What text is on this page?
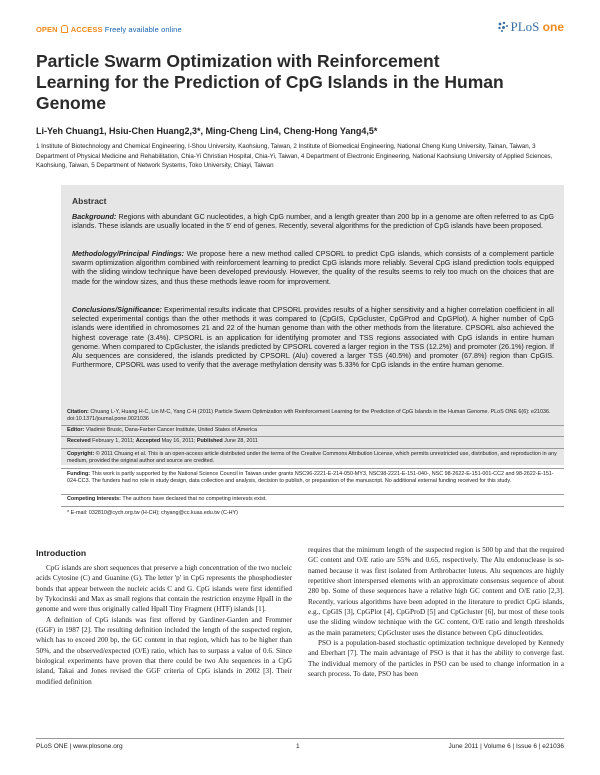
OPEN ACCESS Freely available online	PLoS one
Particle Swarm Optimization with Reinforcement Learning for the Prediction of CpG Islands in the Human Genome
Li-Yeh Chuang1, Hsiu-Chen Huang2,3*, Ming-Cheng Lin4, Cheng-Hong Yang4,5*
1 Institute of Biotechnology and Chemical Engineering, I-Shou University, Kaohsiung, Taiwan, 2 Institute of Biomedical Engineering, National Cheng Kung University, Tainan, Taiwan, 3 Department of Physical Medicine and Rehabilitation, Chia-Yi Christian Hospital, Chia-Yi, Taiwan, 4 Department of Electronic Engineering, National Kaohsiung University of Applied Sciences, Kaohsiung, Taiwan, 5 Department of Network Systems, Toko University, Chiayi, Taiwan
Abstract
Background: Regions with abundant GC nucleotides, a high CpG number, and a length greater than 200 bp in a genome are often referred to as CpG islands. These islands are usually located in the 5′ end of genes. Recently, several algorithms for the prediction of CpG islands have been proposed.
Methodology/Principal Findings: We propose here a new method called CPSORL to predict CpG islands, which consists of a complement particle swarm optimization algorithm combined with reinforcement learning to predict CpG islands more reliably. Several CpG island prediction tools equipped with the sliding window technique have been developed previously. However, the quality of the results seems to rely too much on the choices that are made for the window sizes, and thus these methods leave room for improvement.
Conclusions/Significance: Experimental results indicate that CPSORL provides results of a higher sensitivity and a higher correlation coefficient in all selected experimental contigs than the other methods it was compared to (CpGIS, CpGcluster, CpGProd and CpGPlot). A higher number of CpG islands were identified in chromosomes 21 and 22 of the human genome than with the other methods from the literature. CPSORL also achieved the highest coverage rate (3.4%). CPSORL is an application for identifying promoter and TSS regions associated with CpG islands in entire human genome. When compared to CpGcluster, the islands predicted by CPSORL covered a larger region in the TSS (12.2%) and promoter (26.1%) region. If Alu sequences are considered, the islands predicted by CPSORL (Alu) covered a larger TSS (40.5%) and promoter (67.8%) region than CpGIS. Furthermore, CPSORL was used to verify that the average methylation density was 5.33% for CpG islands in the entire human genome.
Citation: Chuang L-Y, Huang H-C, Lin M-C, Yang C-H (2011) Particle Swarm Optimization with Reinforcement Learning for the Prediction of CpG Islands in the Human Genome. PLoS ONE 6(6): e21036. doi:10.1371/journal.pone.0021036
Editor: Vladimir Brusic, Dana-Farber Cancer Institute, United States of America
Received February 1, 2011; Accepted May 16, 2011; Published June 28, 2011
Copyright: © 2011 Chuang et al. This is an open-access article distributed under the terms of the Creative Commons Attribution License, which permits unrestricted use, distribution, and reproduction in any medium, provided the original author and source are credited.
Funding: This work is partly supported by the National Science Council in Taiwan under grants NSC96-2221-E-214-050-MY3, NSC98-2221-E-151-040-, NSC 98-2622-E-151-001-CC2 and 98-2622-E-151-024-CC3. The funders had no role in study design, data collection and analysis, decision to publish, or preparation of the manuscript. No additional external funding received for this study.
Competing Interests: The authors have declared that no competing interests exist.
* E-mail: 032810@cych.org.tw (H-CH); chyang@cc.kuas.edu.tw (C-HY)
Introduction

CpG islands are short sequences that preserve a high concentration of the two nucleic acids Cytosine (C) and Guanine (G). The letter 'p' in CpG represents the phosphodiester bonds that appear between the nucleic acids C and G. CpG islands were first identified by Tykocinski and Max as small regions that contain the restriction enzyme HpaII in the genome and were thus originally called HpaII Tiny Fragment (HTF) islands [1].

A definition of CpG islands was first offered by Gardiner-Garden and Frommer (GGF) in 1987 [2]. The resulting definition included the length of the suspected region, which has to exceed 200 bp, the GC content in that region, which has to be higher than 50%, and the observed/expected (O/E) ratio, which has to surpass a value of 0.6. Since biological experiments have proven that there could be two Alu sequences in a CpG island, Takai and Jones revised the GGF criteria of CpG islands in 2002 [3]. Their modified definition

requires that the minimum length of the suspected region is 500 bp and that the required GC content and O/E ratio are 55% and 0.65, respectively. The Alu endonuclease is so-named because it was first isolated from Arthrobacter luteus. Alu sequences are highly repetitive short interspersed elements with an approximate consensus sequence of about 280 bp. Some of these sequences have a relative high GC content and O/E ratio [2,3]. Recently, various algorithms have been adopted in the literature to predict CpG islands, e.g., CpGIS [3], CpGPlot [4], CpGProD [5] and CpGcluster [6], but most of these tools use the sliding window technique with the GC content, O/E ratio and length thresholds as the main parameters; CpGcluster uses the distance between CpG dinucleotides.

PSO is a population-based stochastic optimization technique developed by Kennedy and Eberhart [7]. The main advantage of PSO is that it has the ability to converge fast. The individual memory of the particles in PSO can be used to change information in a search process. To date, PSO has been

PLoS ONE | www.plosone.org	1	June 2011 | Volume 6 | Issue 6 | e21036
